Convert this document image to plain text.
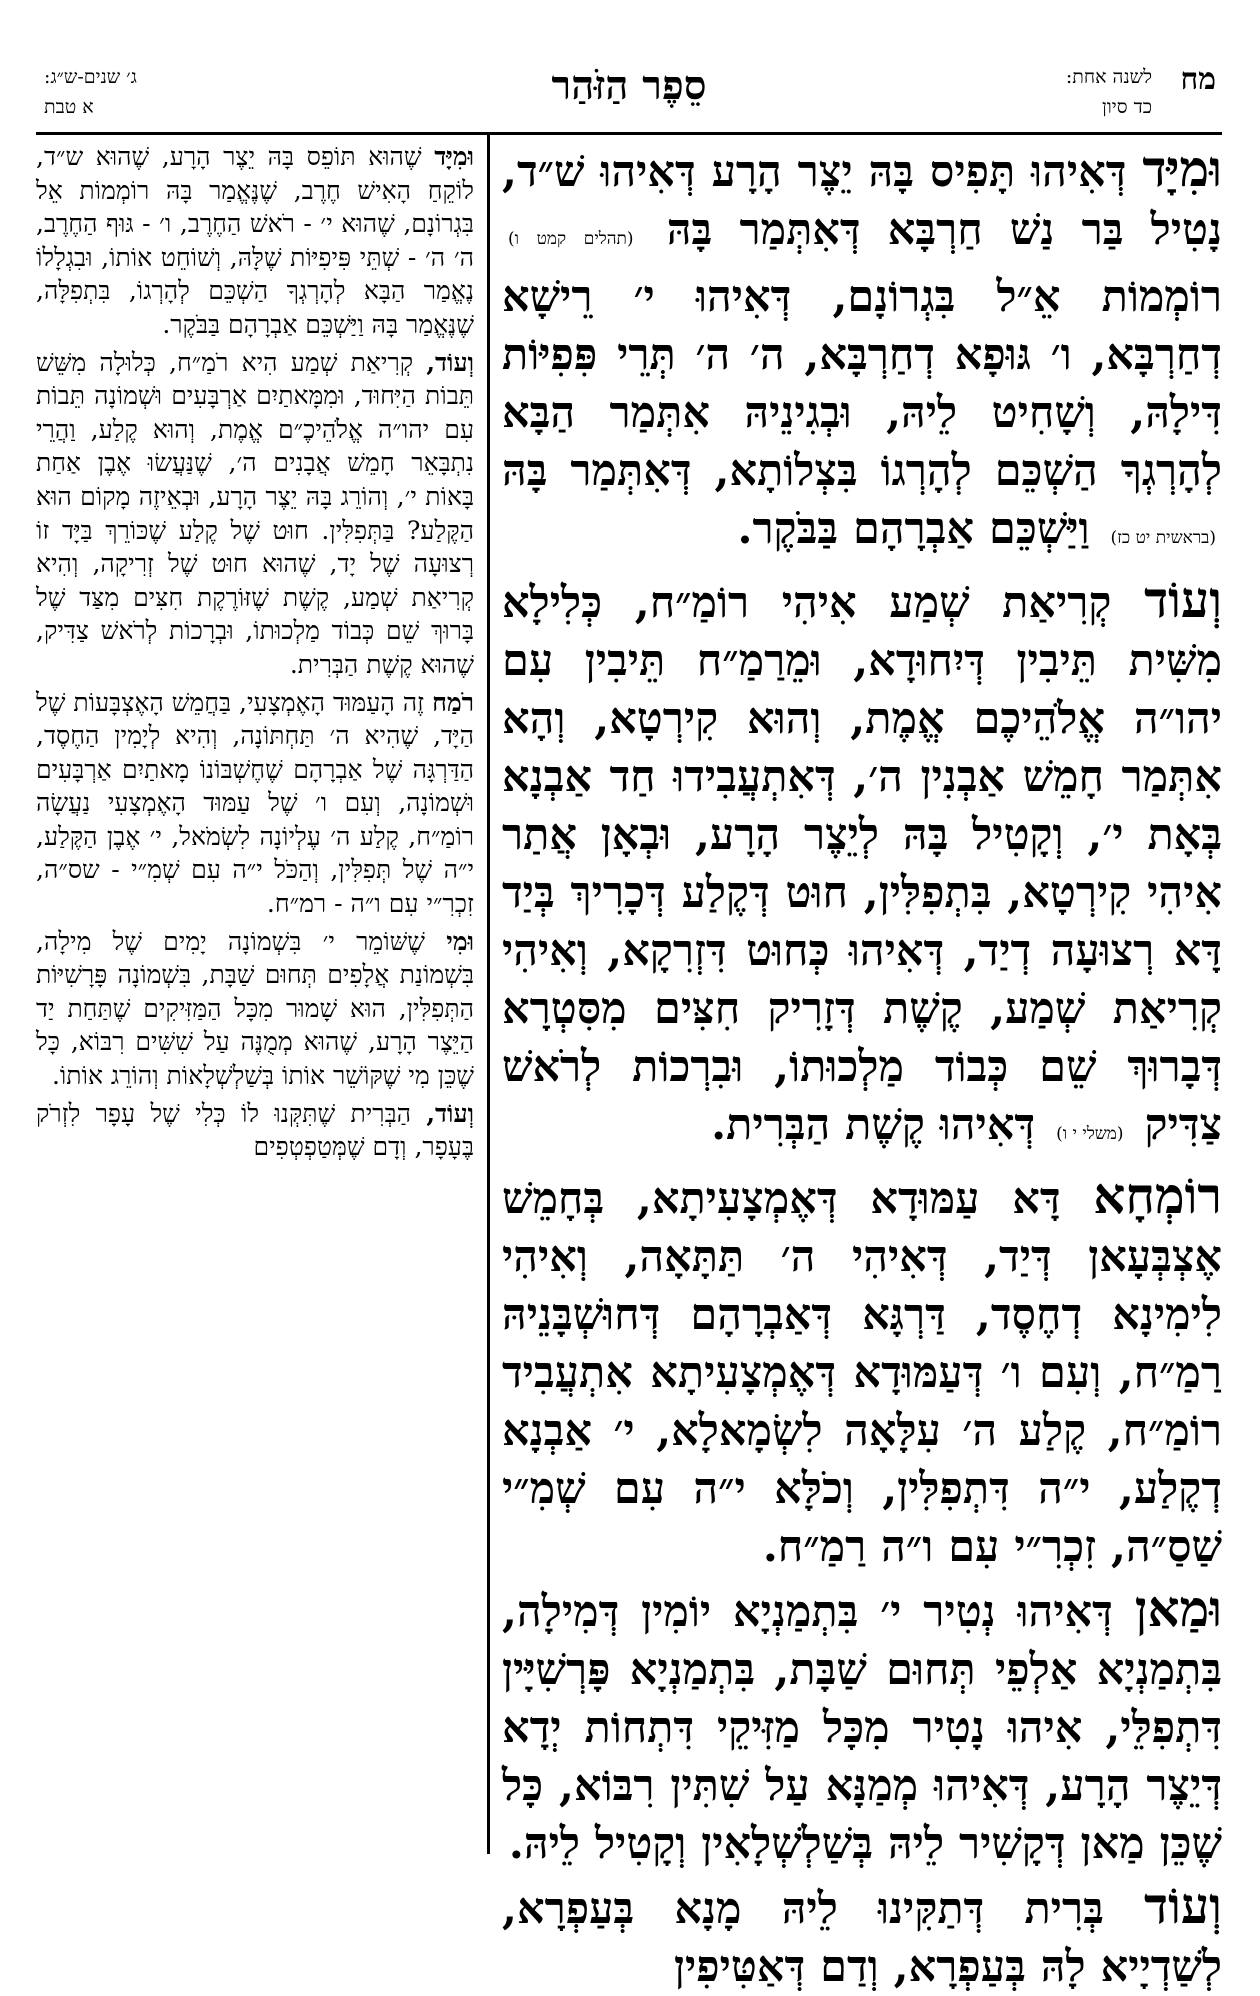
מח
לשנה אחת:
כד סיון
סֵפֶר הַזֹּהַר
ג׳ שנים-ש״ג:
א טבת

וּמִיָּד דְּאִיהוּ תָּפִיס בָּהּ יֵצֶר הָרָע דְּאִיהוּ שׁ״ד, נָטִיל בַּר נַשׁ חַרְבָּא דְּאִתְּמַר בָּהּ (תהלים קמט ו) רוֹמְמוֹת אֵ״ל בִּגְרוֹנָם, דְּאִיהוּ י׳ רֵישָׁא דְחַרְבָּא, ו׳ גּוּפָא דְחַרְבָּא, ה׳ ה׳ תְּרֵי פִּפִיּוֹת דִּילָהּ, וְשָׁחִיט לֵיהּ, וּבְגִינֵיהּ אִתְּמַר הַבָּא לְהָרְגְךָ הַשְׁכֵּם לְהָרְגוֹ בִּצְלוֹתָא, דְּאִתְּמַר בָּהּ (בראשית יט כז) וַיַּשְׁכֵּם אַבְרָהָם בַּבֹּקֶר.

וְעוֹד קְרִיאַת שְׁמַע אִיהִי רוֹמַ״ח, כְּלִילָא מִשִּׁית תֵּיבִין דְּיִחוּדָא, וּמֵרַמַ״ח תֵּיבִין עִם יהו״ה אֱלֹהֵיכֶם אֱמֶת, וְהוּא קִירְטָא, וְהָא אִתְּמַר חָמֵשׁ אַבְנִין ה׳, דְּאִתְעֲבִידוּ חַד אַבְנָא בְּאָת י׳, וְקָטִיל בָּהּ לְיֵצֶר הָרָע, וּבְאָן אֲתַר אִיהִי קִירְטָא, בִּתְפִלִּין, חוּט דְּקֶלַע דְּכָרִיךְ בְּיַד דָּא רְצוּעָה דְיַד, דְּאִיהוּ כְּחוּט דִּזְרִקָא, וְאִיהִי קְרִיאַת שְׁמַע, קֶשֶׁת דְּזָרִיק חִצִּים מִסִּטְרָא דְּבָרוּךְ שֵׁם כְּבוֹד מַלְכוּתוֹ, וּבִרְכוֹת לְרֹאשׁ צַדִּיק (משלי י ו) דְּאִיהוּ קֶשֶׁת הַבְּרִית.

רוֹמְחָא דָּא עַמּוּדָא דְּאֶמְצָעִיתָא, בְּחָמֵשׁ אֶצְבְּעָאן דְּיַד, דְּאִיהִי ה׳ תַּתָּאָה, וְאִיהִי לִימִינָא דְחֶסֶד, דַּרְגָּא דְּאַבְרָהָם דְּחוּשְׁבָּנֵיהּ רַמַ״ח, וְעִם ו׳ דְּעַמּוּדָא דְּאֶמְצָעִיתָא אִתְעֲבִיד רוֹמַ״ח, קֶלַע ה׳ עִלָּאָה לִשְׂמָאלָא, י׳ אַבְנָא דְקֶלַע, י״ה דִּתְפִלִּין, וְכֹלָּא י״ה עִם שְׁמִ״י שַׁסַ״ה, זִכְרִ״י עִם ו״ה רַמַ״ח.

וּמַאן דְּאִיהוּ נְטִיר י׳ בִּתְמַנְיָא יוֹמִין דְּמִילָה, בִּתְמַנְיָא אַלְפֵי תְּחוּם שַׁבָּת, בִּתְמַנְיָא פָּרְשִׁיָּין דִּתְפִלֵּי, אִיהוּ נָטִיר מִכָּל מַזִּיקֵי דִּתְחוֹת יְדָא דְּיֵצֶר הָרָע, דְּאִיהוּ מְמַנָּא עַל שִׁתִּין רִבּוֹא, כָּל שֶׁכֵּן מַאן דְּקָשִׁיר לֵיהּ בְּשַׁלְשְׁלָאִין וְקָטִיל לֵיהּ.

וְעוֹד בְּרִית דְּתַקִּינוּ לֵיהּ מָנָא בְּעַפְרָא, לְשַׁדְיָיא לָהּ בְּעַפְרָא, וְדַם דְּאַטִּיפִין

וּמִיָּד שֶׁהוּא תּוֹפֵס בָּהּ יֵצֶר הָרָע, שֶׁהוּא ש״ד, לוֹקֵחַ הָאִישׁ חֶרֶב, שֶׁנֶּאֱמַר בָּהּ רוֹמְמוֹת אֵל בִּגְרוֹנָם, שֶׁהוּא י׳ - רֹאשׁ הַחֶרֶב, ו׳ - גּוּף הַחֶרֶב, ה׳ ה׳ - שְׁתֵּי פִּיפִיּוֹת שֶׁלָּהּ, וְשׁוֹחֵט אוֹתוֹ, וּבִגְלָלוֹ נֶאֱמַר הַבָּא לְהָרְגְךָ הַשְׁכֵּם לְהָרְגוֹ, בִּתְפִלָּה, שֶׁנֶּאֱמַר בָּהּ וַיַּשְׁכֵּם אַבְרָהָם בַּבֹּקֶר.

וְעוֹד, קְרִיאַת שְׁמַע הִיא רֹמַ״ח, כְּלוּלָה מִשֵּׁשׁ תֵּבוֹת הַיִּחוּד, וּמִמָּאתַיִם אַרְבָּעִים וּשְׁמוֹנָה תֵּבוֹת עִם יהו״ה אֱלֹהֵיכֶ״ם אֱמֶת, וְהוּא קֶלַע, וַהֲרֵי נִתְבָּאֵר חָמֵשׁ אֲבָנִים ה׳, שֶׁנַּעֲשׂוּ אֶבֶן אַחַת בָּאוֹת י׳, וְהוֹרֵג בָּהּ יֵצֶר הָרָע, וּבְאֵיזֶה מָקוֹם הוּא הַקֶּלַע? בַּתְּפִלִּין. חוּט שֶׁל קֶלַע שֶׁכּוֹרֵךְ בַּיָּד זוֹ רְצוּעָה שֶׁל יָד, שֶׁהוּא חוּט שֶׁל זְרִיקָה, וְהִיא קְרִיאַת שְׁמַע, קֶשֶׁת שֶׁזּוֹרֶקֶת חִצִּים מִצַּד שֶׁל בָּרוּךְ שֵׁם כְּבוֹד מַלְכוּתוֹ, וּבְרָכוֹת לְרֹאשׁ צַדִּיק, שֶׁהוּא קֶשֶׁת הַבְּרִית.

רֹמַח זֶה הָעַמּוּד הָאֶמְצָעִי, בַּחֲמֵשׁ הָאֶצְבָּעוֹת שֶׁל הַיָּד, שֶׁהִיא ה׳ תַּחְתּוֹנָה, וְהִיא לְיָמִין הַחֶסֶד, הַדַּרְגָּה שֶׁל אַבְרָהָם שֶׁחֶשְׁבּוֹנוֹ מָאתַיִם אַרְבָּעִים וּשְׁמוֹנָה, וְעִם ו׳ שֶׁל עַמּוּד הָאֶמְצָעִי נַעֲשָׂה רוֹמַ״ח, קֶלַע ה׳ עֶלְיוֹנָה לִשְׂמֹאל, י׳ אֶבֶן הַקֶּלַע, י״ה שֶׁל תְּפִלִּין, וְהַכֹּל י״ה עִם שְׁמִ״י - שס״ה, זִכְרִ״י עִם ו״ה - רמ״ח.

וּמִי שֶׁשּׁוֹמֵר י׳ בִּשְׁמוֹנָה יָמִים שֶׁל מִילָה, בִּשְׁמוֹנַת אֲלָפִים תְּחוּם שַׁבָּת, בִּשְׁמוֹנָה פָּרָשִׁיּוֹת הַתְּפִלִּין, הוּא שָׁמוּר מִכָּל הַמַּזִּיקִים שֶׁתַּחַת יַד הַיֵּצֶר הָרָע, שֶׁהוּא מְמֻנֶּה עַל שִׁשִּׁים רִבּוֹא, כָּל שֶׁכֵּן מִי שֶׁקּוֹשֵׁר אוֹתוֹ בְּשַׁלְשְׁלָאוֹת וְהוֹרֵג אוֹתוֹ.

וְעוֹד, הַבְּרִית שֶׁתִּקְּנוּ לוֹ כְּלִי שֶׁל עָפָר לִזְרֹק בֶּעָפָר, וְדָם שֶׁמְּטַפְטְפִים
